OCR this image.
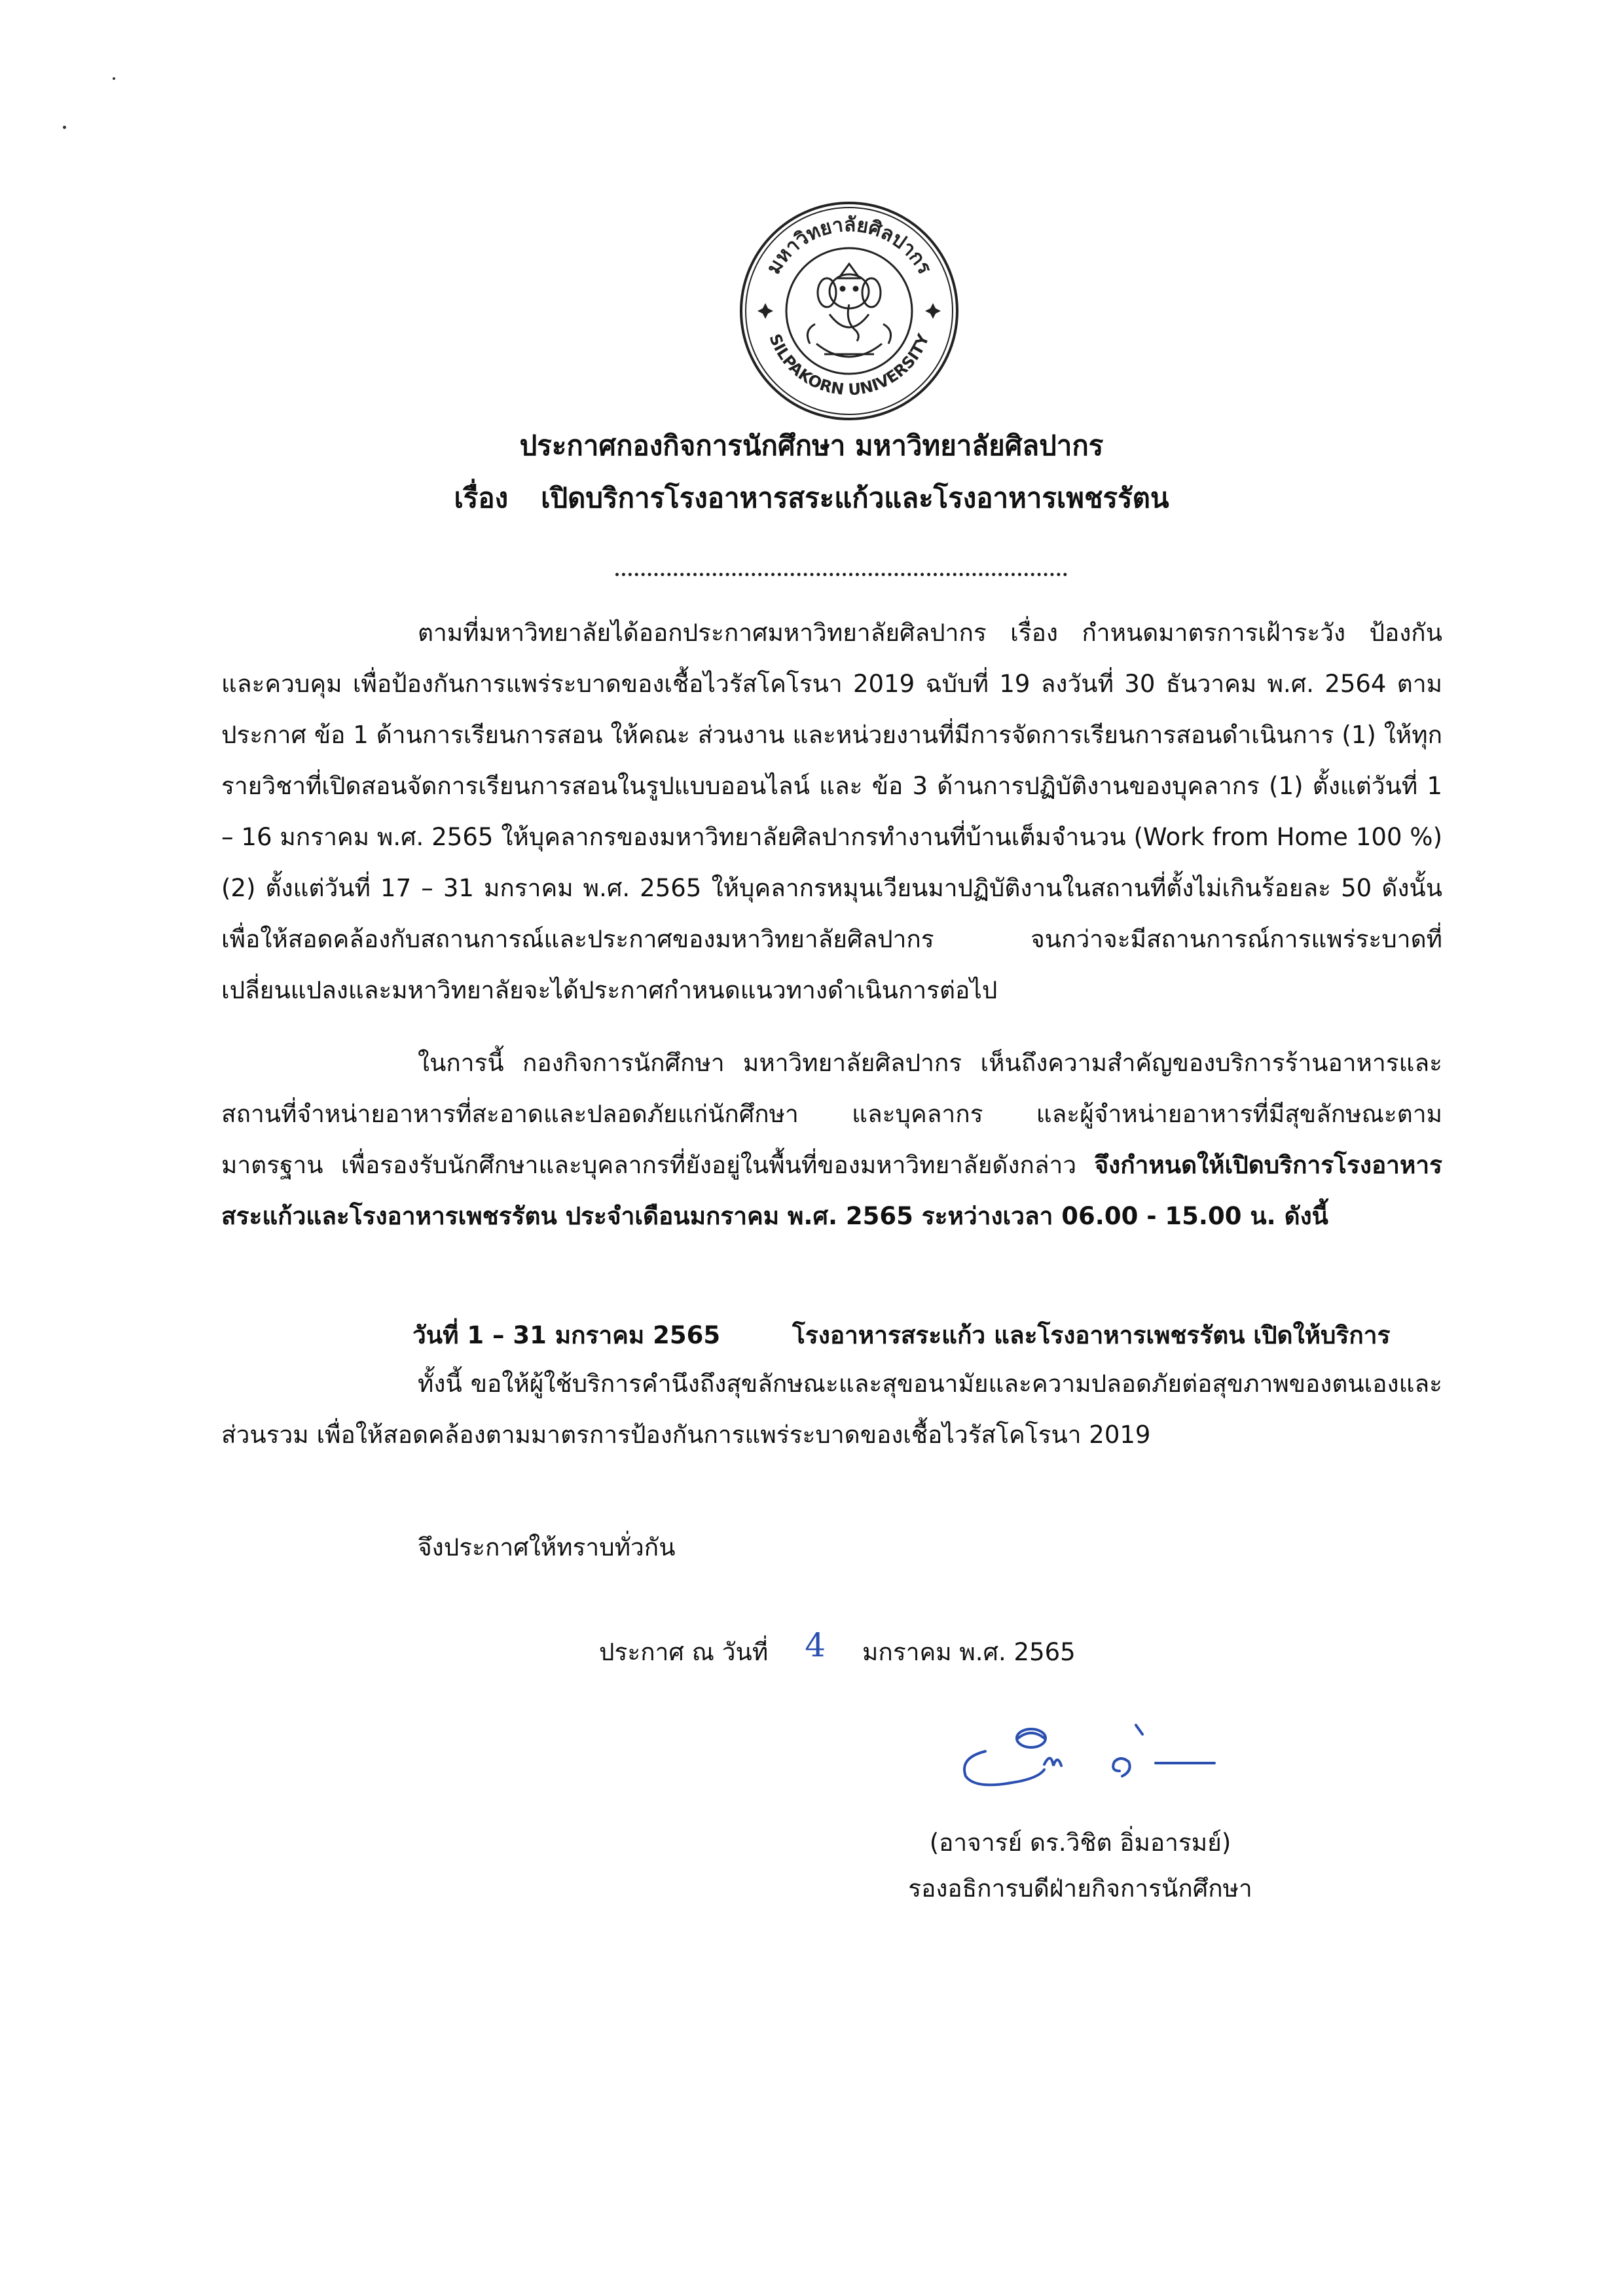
มหาวิทยาลัยศิลปากร
SILPAKORN UNIVERSITY
ประกาศกองกิจการนักศึกษา มหาวิทยาลัยศิลปากร
เรื่อง เปิดบริการโรงอาหารสระแก้วและโรงอาหารเพชรรัตน

ตามที่มหาวิทยาลัยได้ออกประกาศมหาวิทยาลัยศิลปากร เรื่อง กำหนดมาตรการเฝ้าระวัง ป้องกัน และควบคุม เพื่อป้องกันการแพร่ระบาดของเชื้อไวรัสโคโรนา 2019 ฉบับที่ 19 ลงวันที่ 30 ธันวาคม พ.ศ. 2564 ตามประกาศ ข้อ 1 ด้านการเรียนการสอน ให้คณะ ส่วนงาน และหน่วยงานที่มีการจัดการเรียนการสอนดำเนินการ (1) ให้ทุกรายวิชาที่เปิดสอนจัดการเรียนการสอนในรูปแบบออนไลน์ และ ข้อ 3 ด้านการปฏิบัติงานของบุคลากร (1) ตั้งแต่วันที่ 1 – 16 มกราคม พ.ศ. 2565 ให้บุคลากรของมหาวิทยาลัยศิลปากรทำงานที่บ้านเต็มจำนวน (Work from Home 100 %) (2) ตั้งแต่วันที่ 17 – 31 มกราคม พ.ศ. 2565 ให้บุคลากรหมุนเวียนมาปฏิบัติงานในสถานที่ตั้งไม่เกินร้อยละ 50 ดังนั้นเพื่อให้สอดคล้องกับสถานการณ์และประกาศของมหาวิทยาลัยศิลปากร จนกว่าจะมีสถานการณ์การแพร่ระบาดที่เปลี่ยนแปลงและมหาวิทยาลัยจะได้ประกาศกำหนดแนวทางดำเนินการต่อไป

ในการนี้ กองกิจการนักศึกษา มหาวิทยาลัยศิลปากร เห็นถึงความสำคัญของบริการร้านอาหารและสถานที่จำหน่ายอาหารที่สะอาดและปลอดภัยแก่นักศึกษา และบุคลากร และผู้จำหน่ายอาหารที่มีสุขลักษณะตามมาตรฐาน เพื่อรองรับนักศึกษาและบุคลากรที่ยังอยู่ในพื้นที่ของมหาวิทยาลัยดังกล่าว จึงกำหนดให้เปิดบริการโรงอาหารสระแก้วและโรงอาหารเพชรรัตน ประจำเดือนมกราคม พ.ศ. 2565 ระหว่างเวลา 06.00 - 15.00 น. ดังนี้

วันที่ 1 – 31 มกราคม 2565	โรงอาหารสระแก้ว และโรงอาหารเพชรรัตน เปิดให้บริการ

ทั้งนี้ ขอให้ผู้ใช้บริการคำนึงถึงสุขลักษณะและสุขอนามัยและความปลอดภัยต่อสุขภาพของตนเองและส่วนรวม เพื่อให้สอดคล้องตามมาตรการป้องกันการแพร่ระบาดของเชื้อไวรัสโคโรนา 2019

จึงประกาศให้ทราบทั่วกัน

ประกาศ ณ วันที่ 4 มกราคม พ.ศ. 2565
(อาจารย์ ดร.วิชิต อิ่มอารมย์)
รองอธิการบดีฝ่ายกิจการนักศึกษา
